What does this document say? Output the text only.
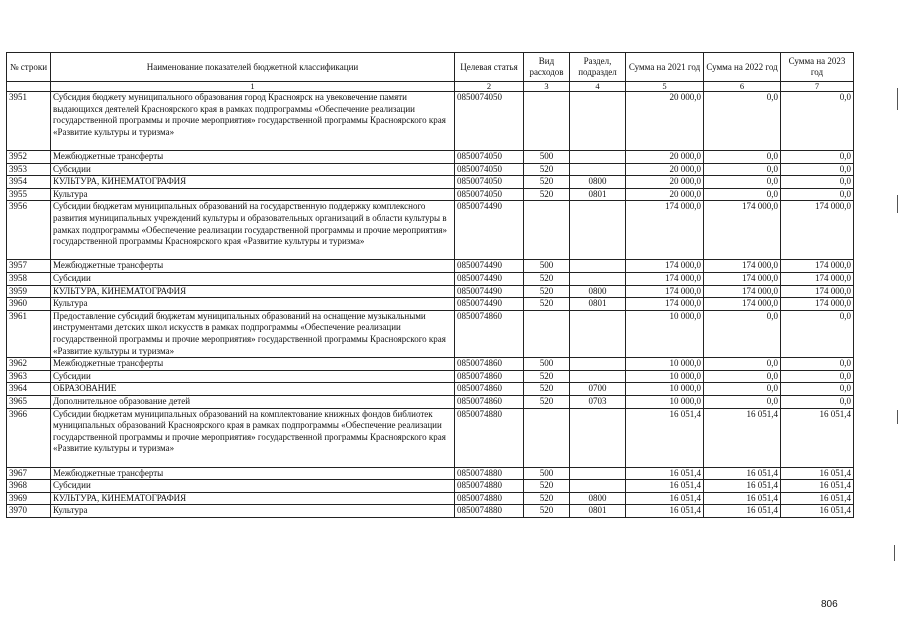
№ строки	Наименование показателей бюджетной классификации	Целевая статья	Вид расходов	Раздел, подраздел	Сумма на 2021 год	Сумма на 2022 год	Сумма на 2023 год
	1	2	3	4	5	6	7
3951	Субсидия бюджету муниципального образования город Красноярск на увековечение памяти выдающихся деятелей Красноярского края в рамках подпрограммы «Обеспечение реализации государственной программы и прочие мероприятия» государственной программы Красноярского края «Развитие культуры и туризма»	0850074050			20 000,0	0,0	0,0
3952	Межбюджетные трансферты	0850074050	500		20 000,0	0,0	0,0
3953	Субсидии	0850074050	520		20 000,0	0,0	0,0
3954	КУЛЬТУРА, КИНЕМАТОГРАФИЯ	0850074050	520	0800	20 000,0	0,0	0,0
3955	Культура	0850074050	520	0801	20 000,0	0,0	0,0
3956	Субсидии бюджетам муниципальных образований на государственную поддержку комплексного развития муниципальных учреждений культуры и образовательных организаций в области культуры в рамках подпрограммы «Обеспечение реализации государственной программы и прочие мероприятия» государственной программы Красноярского края «Развитие культуры и туризма»	0850074490			174 000,0	174 000,0	174 000,0
3957	Межбюджетные трансферты	0850074490	500		174 000,0	174 000,0	174 000,0
3958	Субсидии	0850074490	520		174 000,0	174 000,0	174 000,0
3959	КУЛЬТУРА, КИНЕМАТОГРАФИЯ	0850074490	520	0800	174 000,0	174 000,0	174 000,0
3960	Культура	0850074490	520	0801	174 000,0	174 000,0	174 000,0
3961	Предоставление субсидий бюджетам муниципальных образований на оснащение музыкальными инструментами детских школ искусств в рамках подпрограммы «Обеспечение реализации государственной программы и прочие мероприятия» государственной программы Красноярского края «Развитие культуры и туризма»	0850074860			10 000,0	0,0	0,0
3962	Межбюджетные трансферты	0850074860	500		10 000,0	0,0	0,0
3963	Субсидии	0850074860	520		10 000,0	0,0	0,0
3964	ОБРАЗОВАНИЕ	0850074860	520	0700	10 000,0	0,0	0,0
3965	Дополнительное образование детей	0850074860	520	0703	10 000,0	0,0	0,0
3966	Субсидии бюджетам муниципальных образований на комплектование книжных фондов библиотек муниципальных образований Красноярского края в рамках подпрограммы «Обеспечение реализации государственной программы и прочие мероприятия» государственной программы Красноярского края «Развитие культуры и туризма»	0850074880			16 051,4	16 051,4	16 051,4
3967	Межбюджетные трансферты	0850074880	500		16 051,4	16 051,4	16 051,4
3968	Субсидии	0850074880	520		16 051,4	16 051,4	16 051,4
3969	КУЛЬТУРА, КИНЕМАТОГРАФИЯ	0850074880	520	0800	16 051,4	16 051,4	16 051,4
3970	Культура	0850074880	520	0801	16 051,4	16 051,4	16 051,4
806
